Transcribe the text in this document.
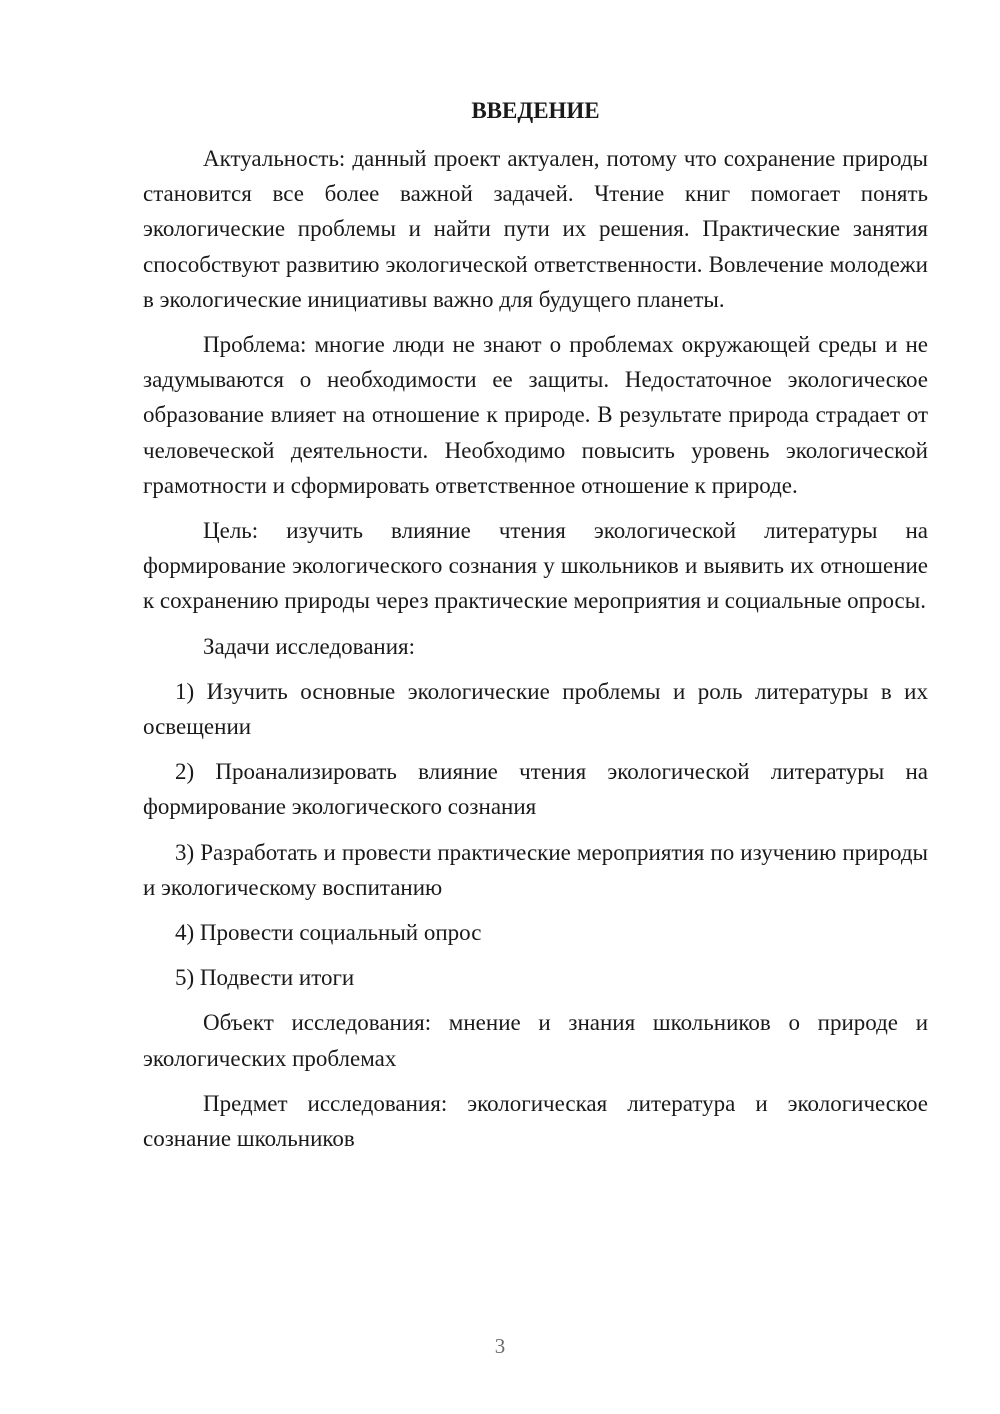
ВВЕДЕНИЕ

Актуальность: данный проект актуален, потому что сохранение природы становится все более важной задачей. Чтение книг помогает понять экологические проблемы и найти пути их решения. Практические занятия способствуют развитию экологической ответственности. Вовлечение молодежи в экологические инициативы важно для будущего планеты.

Проблема: многие люди не знают о проблемах окружающей среды и не задумываются о необходимости ее защиты. Недостаточное экологическое образование влияет на отношение к природе. В результате природа страдает от человеческой деятельности. Необходимо повысить уровень экологической грамотности и сформировать ответственное отношение к природе.

Цель: изучить влияние чтения экологической литературы на формирование экологического сознания у школьников и выявить их отношение к сохранению природы через практические мероприятия и социальные опросы.

Задачи исследования:

1) Изучить основные экологические проблемы и роль литературы в их освещении

2) Проанализировать влияние чтения экологической литературы на формирование экологического сознания

3) Разработать и провести практические мероприятия по изучению природы и экологическому воспитанию

4) Провести социальный опрос

5) Подвести итоги

Объект исследования: мнение и знания школьников о природе и экологических проблемах

Предмет исследования: экологическая литература и экологическое сознание школьников

3
